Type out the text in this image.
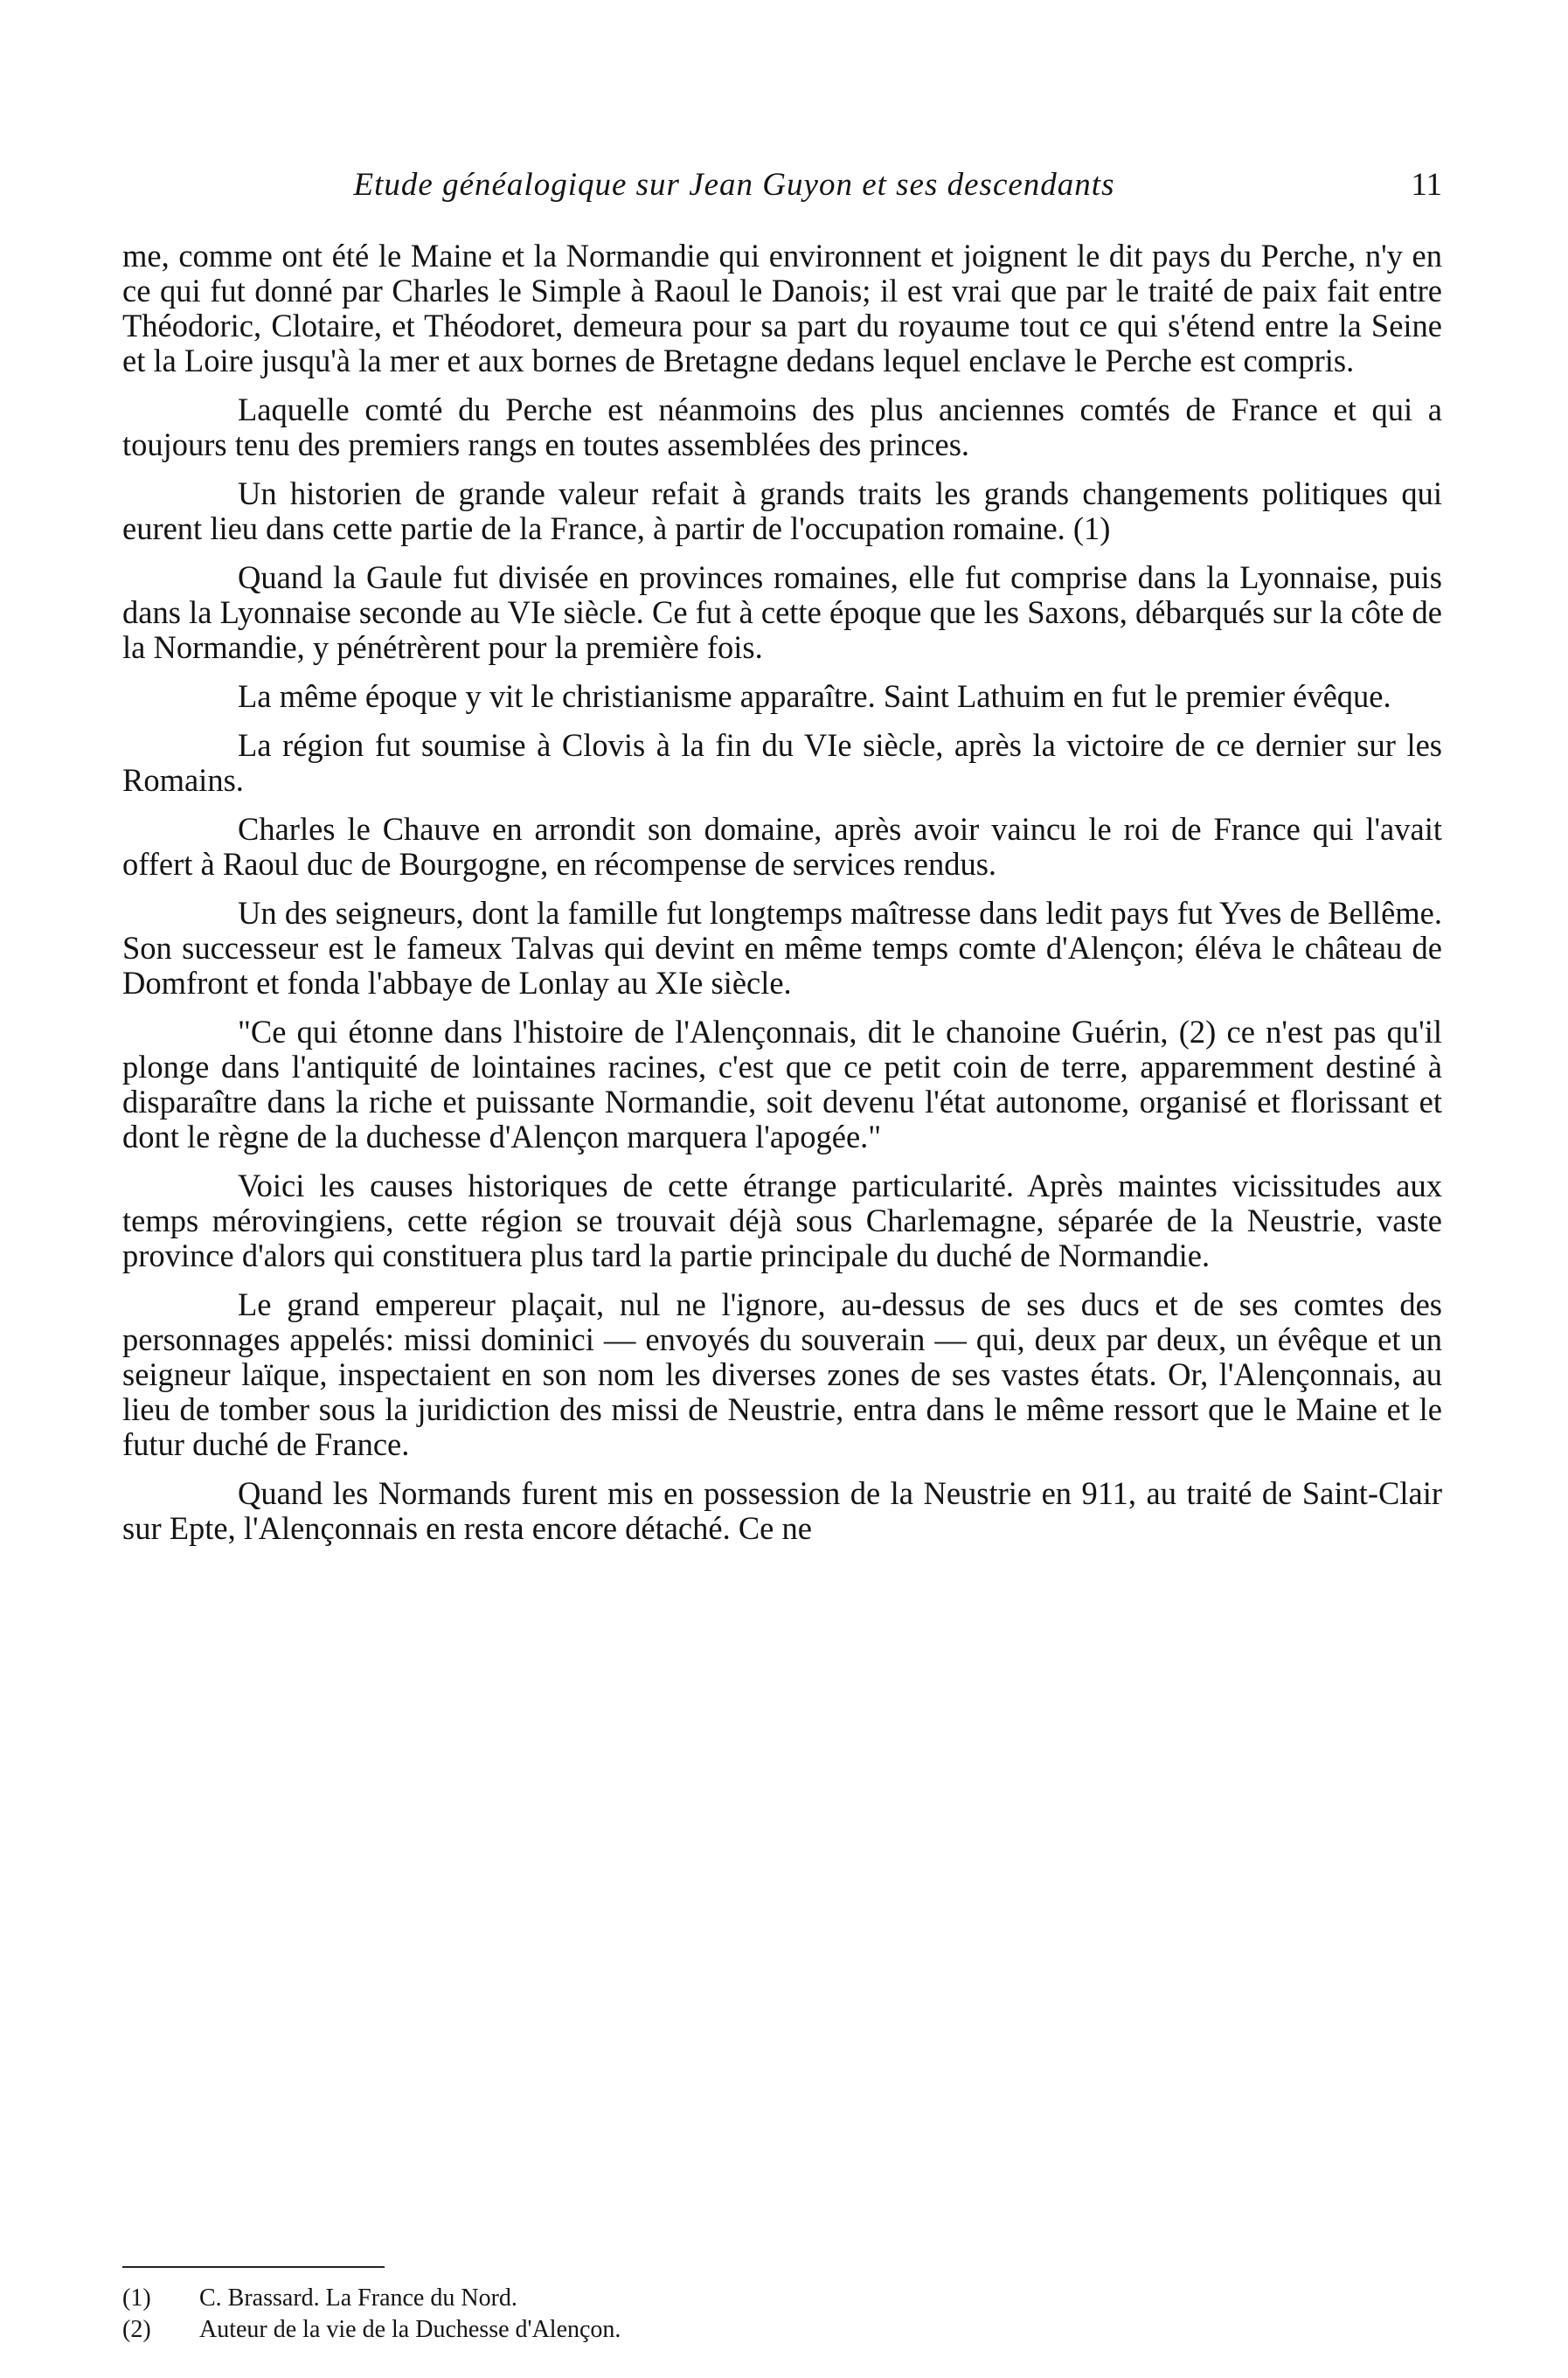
Etude généalogique sur Jean Guyon et ses descendants	11

me, comme ont été le Maine et la Normandie qui environnent et joignent le dit pays du Perche, n'y en ce qui fut donné par Charles le Simple à Raoul le Danois; il est vrai que par le traité de paix fait entre Théodoric, Clotaire, et Théodoret, demeura pour sa part du royaume tout ce qui s'étend entre la Seine et la Loire jusqu'à la mer et aux bornes de Bretagne dedans lequel enclave le Perche est compris.

Laquelle comté du Perche est néanmoins des plus anciennes comtés de France et qui a toujours tenu des premiers rangs en toutes assemblées des princes.

Un historien de grande valeur refait à grands traits les grands changements politiques qui eurent lieu dans cette partie de la France, à partir de l'occupation romaine. (1)

Quand la Gaule fut divisée en provinces romaines, elle fut comprise dans la Lyonnaise, puis dans la Lyonnaise seconde au VIe siècle. Ce fut à cette époque que les Saxons, débarqués sur la côte de la Normandie, y pénétrèrent pour la première fois.

La même époque y vit le christianisme apparaître. Saint Lathuim en fut le premier évêque.

La région fut soumise à Clovis à la fin du VIe siècle, après la victoire de ce dernier sur les Romains.

Charles le Chauve en arrondit son domaine, après avoir vaincu le roi de France qui l'avait offert à Raoul duc de Bourgogne, en récompense de services rendus.

Un des seigneurs, dont la famille fut longtemps maîtresse dans ledit pays fut Yves de Bellême. Son successeur est le fameux Talvas qui devint en même temps comte d'Alençon; éléva le château de Domfront et fonda l'abbaye de Lonlay au XIe siècle.

"Ce qui étonne dans l'histoire de l'Alençonnais, dit le chanoine Guérin, (2) ce n'est pas qu'il plonge dans l'antiquité de lointaines racines, c'est que ce petit coin de terre, apparemment destiné à disparaître dans la riche et puissante Normandie, soit devenu l'état autonome, organisé et florissant et dont le règne de la duchesse d'Alençon marquera l'apogée."

Voici les causes historiques de cette étrange particularité. Après maintes vicissitudes aux temps mérovingiens, cette région se trouvait déjà sous Charlemagne, séparée de la Neustrie, vaste province d'alors qui constituera plus tard la partie principale du duché de Normandie.

Le grand empereur plaçait, nul ne l'ignore, au-dessus de ses ducs et de ses comtes des personnages appelés: missi dominici — envoyés du souverain — qui, deux par deux, un évêque et un seigneur laïque, inspectaient en son nom les diverses zones de ses vastes états. Or, l'Alençonnais, au lieu de tomber sous la juridiction des missi de Neustrie, entra dans le même ressort que le Maine et le futur duché de France.

Quand les Normands furent mis en possession de la Neustrie en 911, au traité de Saint-Clair sur Epte, l'Alençonnais en resta encore détaché. Ce ne

(1)	C. Brassard. La France du Nord.
(2)	Auteur de la vie de la Duchesse d'Alençon.
